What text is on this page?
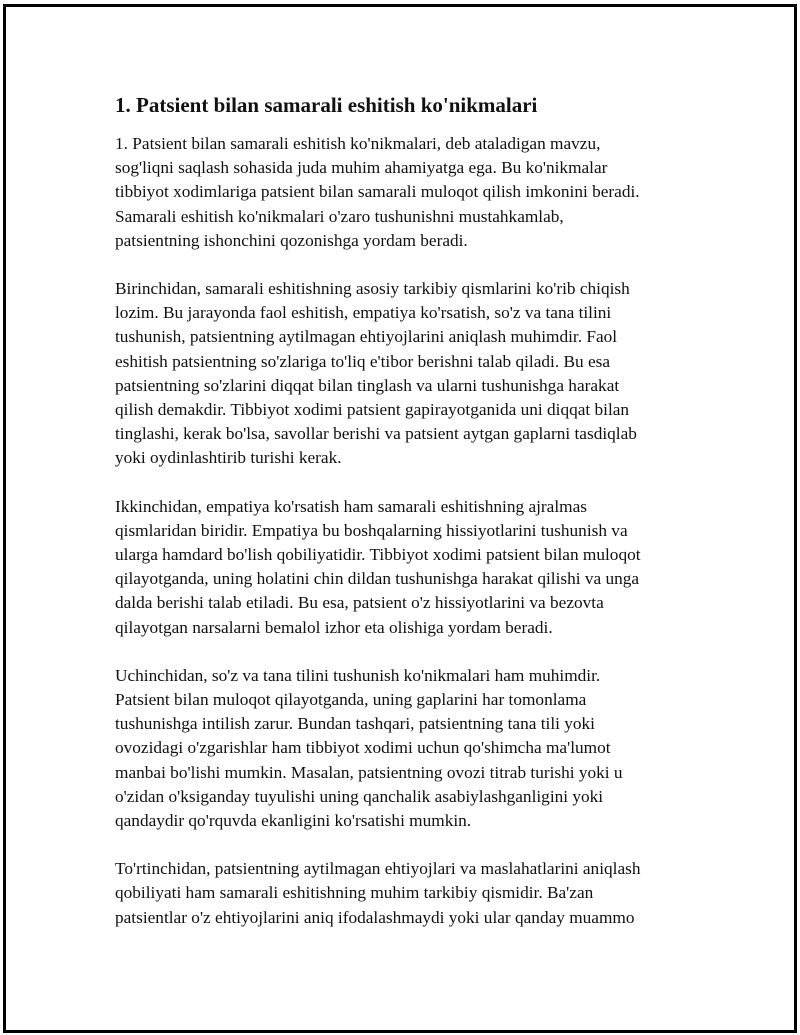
1. Patsient bilan samarali eshitish ko'nikmalari

1. Patsient bilan samarali eshitish ko'nikmalari, deb ataladigan mavzu,
sog'liqni saqlash sohasida juda muhim ahamiyatga ega. Bu ko'nikmalar
tibbiyot xodimlariga patsient bilan samarali muloqot qilish imkonini beradi.
Samarali eshitish ko'nikmalari o'zaro tushunishni mustahkamlab,
patsientning ishonchini qozonishga yordam beradi.

Birinchidan, samarali eshitishning asosiy tarkibiy qismlarini ko'rib chiqish
lozim. Bu jarayonda faol eshitish, empatiya ko'rsatish, so'z va tana tilini
tushunish, patsientning aytilmagan ehtiyojlarini aniqlash muhimdir. Faol
eshitish patsientning so'zlariga to'liq e'tibor berishni talab qiladi. Bu esa
patsientning so'zlarini diqqat bilan tinglash va ularni tushunishga harakat
qilish demakdir. Tibbiyot xodimi patsient gapirayotganida uni diqqat bilan
tinglashi, kerak bo'lsa, savollar berishi va patsient aytgan gaplarni tasdiqlab
yoki oydinlashtirib turishi kerak.

Ikkinchidan, empatiya ko'rsatish ham samarali eshitishning ajralmas
qismlaridan biridir. Empatiya bu boshqalarning hissiyotlarini tushunish va
ularga hamdard bo'lish qobiliyatidir. Tibbiyot xodimi patsient bilan muloqot
qilayotganda, uning holatini chin dildan tushunishga harakat qilishi va unga
dalda berishi talab etiladi. Bu esa, patsient o'z hissiyotlarini va bezovta
qilayotgan narsalarni bemalol izhor eta olishiga yordam beradi.

Uchinchidan, so'z va tana tilini tushunish ko'nikmalari ham muhimdir.
Patsient bilan muloqot qilayotganda, uning gaplarini har tomonlama
tushunishga intilish zarur. Bundan tashqari, patsientning tana tili yoki
ovozidagi o'zgarishlar ham tibbiyot xodimi uchun qo'shimcha ma'lumot
manbai bo'lishi mumkin. Masalan, patsientning ovozi titrab turishi yoki u
o'zidan o'ksiganday tuyulishi uning qanchalik asabiylashganligini yoki
qandaydir qo'rquvda ekanligini ko'rsatishi mumkin.

To'rtinchidan, patsientning aytilmagan ehtiyojlari va maslahatlarini aniqlash
qobiliyati ham samarali eshitishning muhim tarkibiy qismidir. Ba'zan
patsientlar o'z ehtiyojlarini aniq ifodalashmaydi yoki ular qanday muammo
